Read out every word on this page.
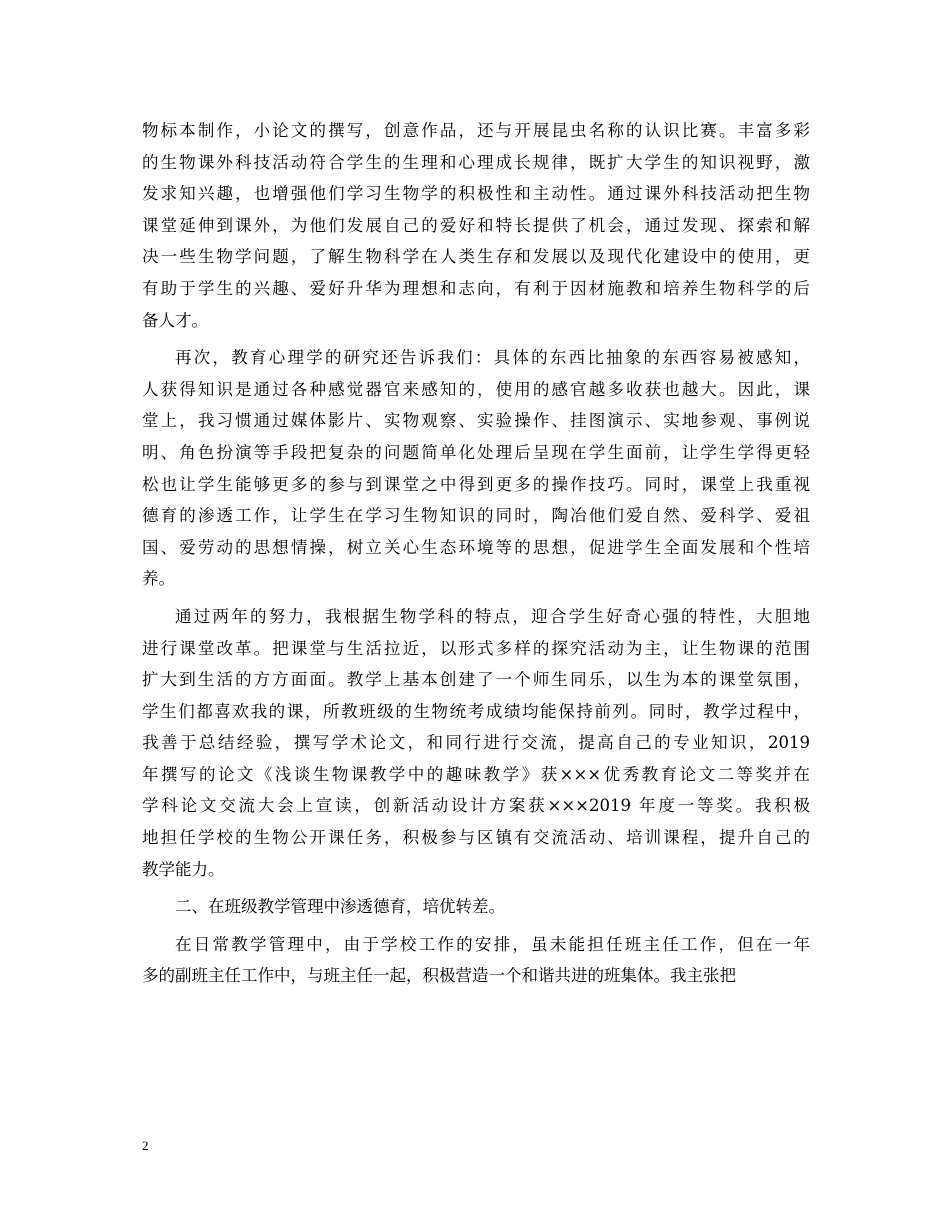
物标本制作，小论文的撰写，创意作品，还与开展昆虫名称的认识比赛。丰富多彩
的生物课外科技活动符合学生的生理和心理成长规律，既扩大学生的知识视野，激
发求知兴趣，也增强他们学习生物学的积极性和主动性。通过课外科技活动把生物
课堂延伸到课外，为他们发展自己的爱好和特长提供了机会，通过发现、探索和解
决一些生物学问题，了解生物科学在人类生存和发展以及现代化建设中的使用，更
有助于学生的兴趣、爱好升华为理想和志向，有利于因材施教和培养生物科学的后
备人才。
再次，教育心理学的研究还告诉我们：具体的东西比抽象的东西容易被感知，
人获得知识是通过各种感觉器官来感知的，使用的感官越多收获也越大。因此，课
堂上，我习惯通过媒体影片、实物观察、实验操作、挂图演示、实地参观、事例说
明、角色扮演等手段把复杂的问题简单化处理后呈现在学生面前，让学生学得更轻
松也让学生能够更多的参与到课堂之中得到更多的操作技巧。同时，课堂上我重视
德育的渗透工作，让学生在学习生物知识的同时，陶冶他们爱自然、爱科学、爱祖
国、爱劳动的思想情操，树立关心生态环境等的思想，促进学生全面发展和个性培
养。
通过两年的努力，我根据生物学科的特点，迎合学生好奇心强的特性，大胆地
进行课堂改革。把课堂与生活拉近，以形式多样的探究活动为主，让生物课的范围
扩大到生活的方方面面。教学上基本创建了一个师生同乐，以生为本的课堂氛围，
学生们都喜欢我的课，所教班级的生物统考成绩均能保持前列。同时，教学过程中，
我善于总结经验，撰写学术论文，和同行进行交流，提高自己的专业知识，2019
年撰写的论文《浅谈生物课教学中的趣味教学》获×××优秀教育论文二等奖并在
学科论文交流大会上宣读，创新活动设计方案获×××2019 年度一等奖。我积极
地担任学校的生物公开课任务，积极参与区镇有交流活动、培训课程，提升自己的
教学能力。
二、在班级教学管理中渗透德育，培优转差。
在日常教学管理中，由于学校工作的安排，虽未能担任班主任工作，但在一年
多的副班主任工作中，与班主任一起，积极营造一个和谐共进的班集体。我主张把
2
